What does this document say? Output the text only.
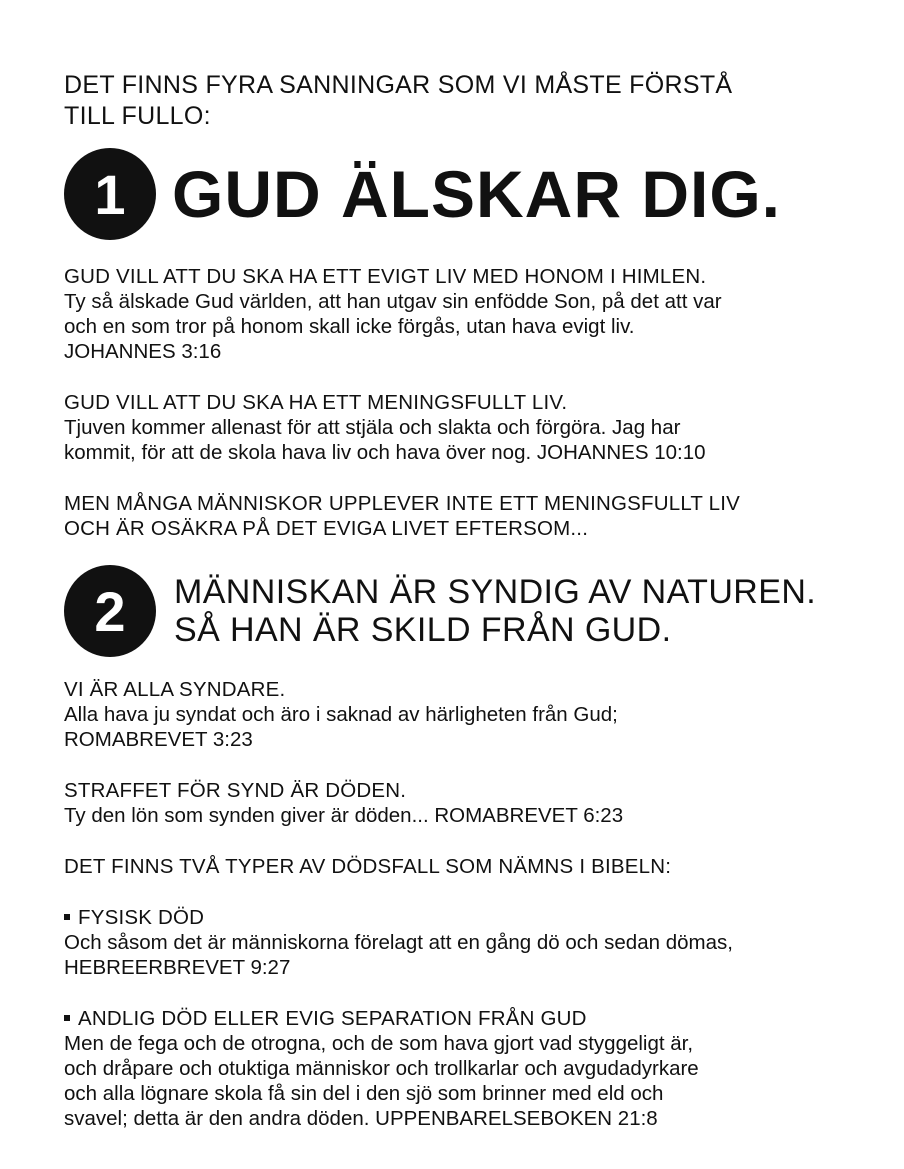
DET FINNS FYRA SANNINGAR SOM VI MÅSTE FÖRSTÅ
TILL FULLO:

1 GUD ÄLSKAR DIG.
GUD VILL ATT DU SKA HA ETT EVIGT LIV MED HONOM I HIMLEN.
Ty så älskade Gud världen, att han utgav sin enfödde Son, på det att var
och en som tror på honom skall icke förgås, utan hava evigt liv.
JOHANNES 3:16
GUD VILL ATT DU SKA HA ETT MENINGSFULLT LIV.
Tjuven kommer allenast för att stjäla och slakta och förgöra. Jag har
kommit, för att de skola hava liv och hava över nog. JOHANNES 10:10
MEN MÅNGA MÄNNISKOR UPPLEVER INTE ETT MENINGSFULLT LIV
OCH ÄR OSÄKRA PÅ DET EVIGA LIVET EFTERSOM...
2	MÄNNISKAN ÄR SYNDIG AV NATUREN.
SÅ HAN ÄR SKILD FRÅN GUD.
VI ÄR ALLA SYNDARE.
Alla hava ju syndat och äro i saknad av härligheten från Gud;
ROMABREVET 3:23
STRAFFET FÖR SYND ÄR DÖDEN.
Ty den lön som synden giver är döden... ROMABREVET 6:23
DET FINNS TVÅ TYPER AV DÖDSFALL SOM NÄMNS I BIBELN:
FYSISK DÖD
Och såsom det är människorna förelagt att en gång dö och sedan dömas,
HEBREERBREVET 9:27
ANDLIG DÖD ELLER EVIG SEPARATION FRÅN GUD
Men de fega och de otrogna, och de som hava gjort vad styggeligt är,
och dråpare och otuktiga människor och trollkarlar och avgudadyrkare
och alla lögnare skola få sin del i den sjö som brinner med eld och
svavel; detta är den andra döden. UPPENBARELSEBOKEN 21:8
